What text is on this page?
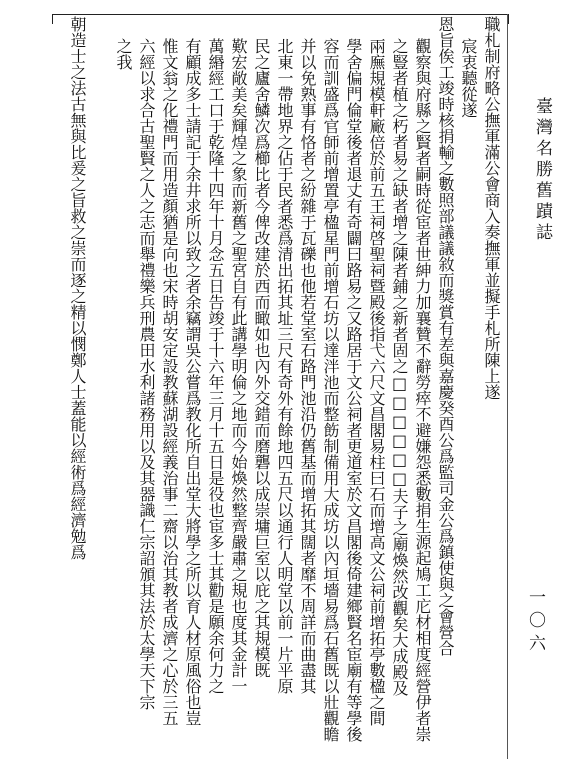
臺灣名勝舊蹟誌
一〇六
職札制府略公撫軍滿公會商入奏撫軍並擬手札所陳上遂
宸衷聽從遂
恩旨俟工竣時核捐輸之數照部議議敘而獎賞有差與嘉慶癸酉公爲監司金公爲鎮使與之會營合
觀察與府縣之賢者嗣時從宦者世紳力加襄贊不辭勞瘁不避嫌怨悉數捐生源起鳩工庀材相度經營伊者崇
之豎者植之朽者易之缺者增之陳者鋪之新者固之□□□□□□夫子之廟煥然改觀矣大成殿及
兩廡規模軒廠倍於前五王祠啓聖祠暨殿後指弋六尺文昌閣易柱曰石而增高文公祠前增拓亭數楹之間
學舍偏門倫堂後者退丈有奇闢曰路易之又路居于文公祠者更道室於文昌閣後倚建鄉賢名宦廟有等學後
容而訓盛爲官師前增置亭楹星門前增石坊以達泮池而整飭制備用大成坊以內垣墻易爲石舊既以壯觀瞻
并以免熟事有恪者之紛雜于瓦礫也他若堂室石路門池沿仍舊基而增拓其闊者靡不周詳而曲盡其
北東一帶地界之佔于民者悉爲清出拓其址三尺有奇外有餘地四五尺以通行人明堂以前一片平原
民之廬舍鱗次爲櫛比者今俾改建於西而瞰如也內外交錯而磨礱以成崇墉巨室以庇之其規模既
歎宏敞美矣輝煌之象而新舊之聖宮自有此講學明倫之地而今始煥然整齊嚴肅之規也度其金計一
萬緡經工口于乾隆十四年十月念五日告竣于十六年三月十五日是役也宦多士其勸是願余何力之
有顧成多士請記于余井求所以致之者余竊謂吳公嘗爲教化所自出堂大將學之所以育人材原風俗也豈
惟文翁之化禮門而用造顏猶是向也宋時胡安定設教蘇湖設經義治事二齋以治其教者成濟之心於三五
六經以求合古聖賢之人之志而舉禮樂兵刑農田水利諸務用以及其器識仁宗詔頒其法於太學天下宗
之我
朝造士之法古無與比爰之旨救之崇而逐之精以憫鄭人士蓋能以經術爲經濟勉爲
